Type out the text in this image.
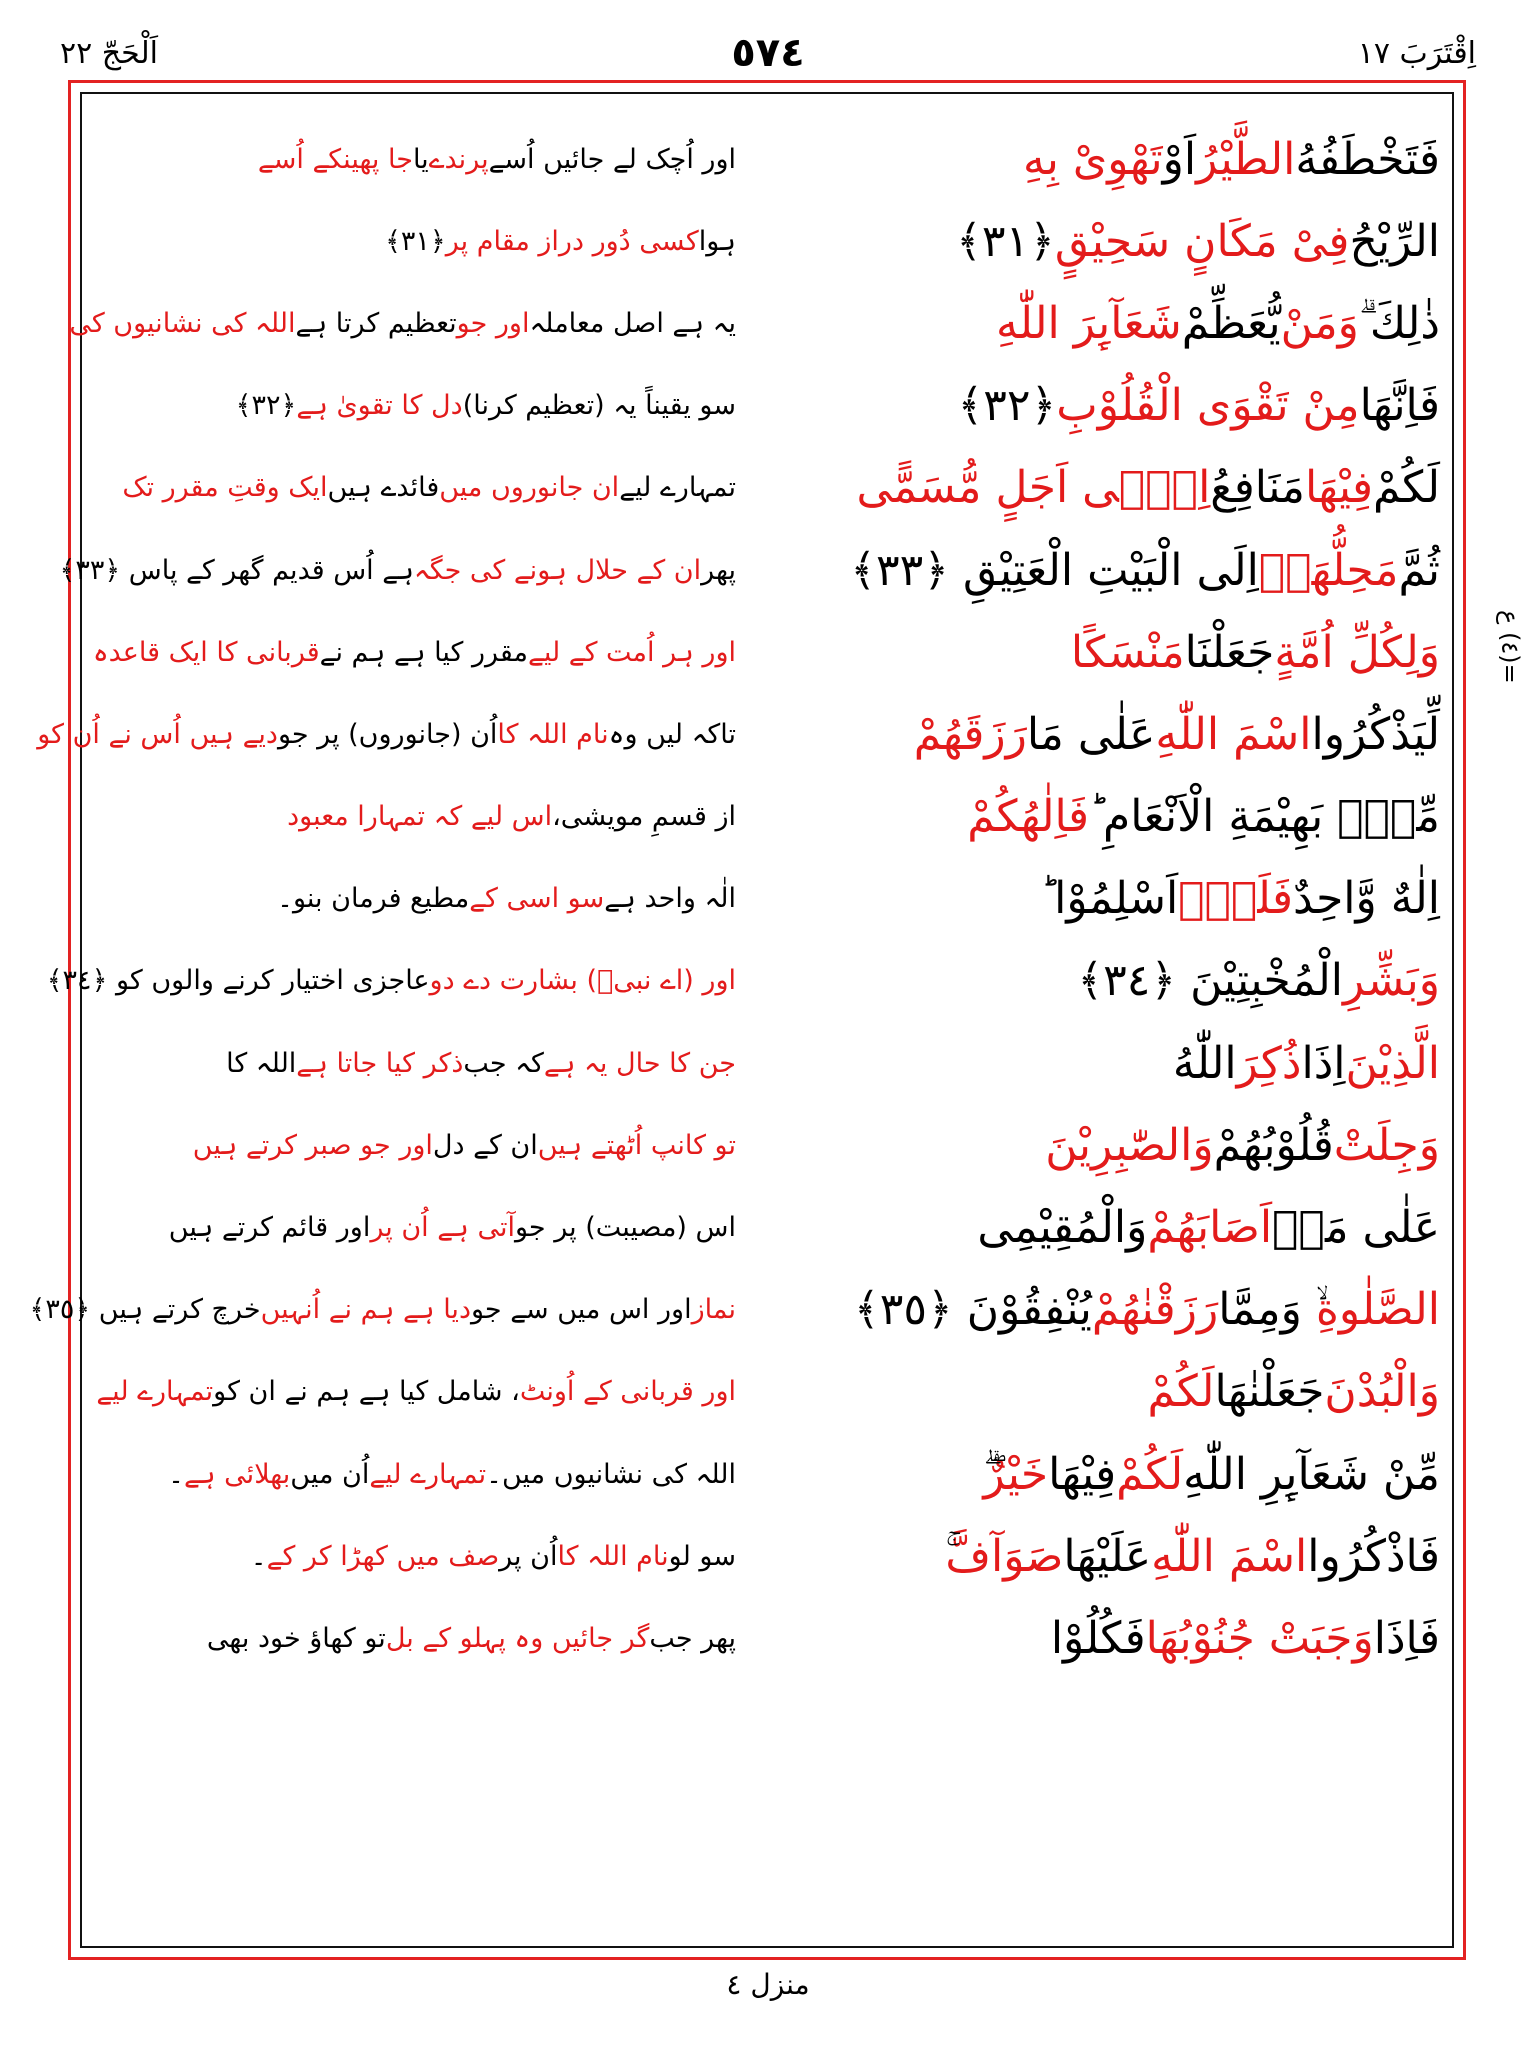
اِقْتَرَبَ ١٧
٥٧٤
اَلْحَجّ ٢٢
=(٤) ع
فَتَخْطَفُهُ
الطَّيْرُ
اَوْ
تَهْوِیْ بِهِ
الرِّیْحُ
فِیْ مَكَانٍ سَحِیْقٍ
﴿٣١﴾
ذٰلِكَ ۗ
وَمَنْ
یُّعَظِّمْ
شَعَآىِٕرَ اللّٰهِ
فَاِنَّهَا
مِنْ تَقْوَى الْقُلُوْبِ
﴿٣٢﴾
لَكُمْ
فِیْهَا
مَنَافِعُ
اِلٰۤى اَجَلٍ مُّسَمًّى
ثُمَّ
مَحِلُّهَاۤ
اِلَى الْبَیْتِ الْعَتِیْقِ ﴿٣٣﴾
وَلِكُلِّ اُمَّةٍ
جَعَلْنَا
مَنْسَكًا
لِّیَذْكُرُوا
اسْمَ اللّٰهِ
عَلٰى مَا
رَزَقَهُمْ
مِّنْۢ بَهِیْمَةِ الْاَنْعَامِ ؕ
فَاِلٰهُكُمْ
اِلٰهٌ وَّاحِدٌ
فَلَهٗۤ
اَسْلِمُوْا ؕ
وَبَشِّرِ
الْمُخْبِتِیْنَ ﴿٣٤﴾
الَّذِیْنَ
اِذَا
ذُكِرَ
اللّٰهُ
وَجِلَتْ
قُلُوْبُهُمْ
وَالصّٰبِرِیْنَ
عَلٰى مَاۤ
اَصَابَهُمْ
وَالْمُقِیْمِی
الصَّلٰوةِ
ۙ وَمِمَّا
رَزَقْنٰهُمْ
یُنْفِقُوْنَ ﴿٣٥﴾
وَالْبُدْنَ
جَعَلْنٰهَا
لَكُمْ
مِّنْ شَعَآىِٕرِ اللّٰهِ
لَكُمْ
فِیْهَا
خَیْرٌ
فَاذْكُرُوا
اسْمَ اللّٰهِ
عَلَیْهَا
صَوَآفَّ
فَاِذَا
وَجَبَتْ جُنُوْبُهَا
فَكُلُوْا
اور اُچک لے جائیں اُسے
پرندے
یا
جا پھینکے اُسے
ہوا
کسی دُور دراز مقام پر
﴿٣١﴾
یہ ہے اصل معاملہ
اور جو
تعظیم کرتا ہے
اللہ کی نشانیوں کی
سو یقیناً یہ (تعظیم کرنا)
دل کا تقویٰ ہے
﴿٣٢﴾
تمہارے لیے
ان جانوروں میں
فائدے ہیں
ایک وقتِ مقرر تک
پھر
ان کے حلال ہونے کی جگہ
ہے اُس قدیم گھر کے پاس ﴿٣٣﴾
اور ہر اُمت کے لیے
مقرر کیا ہے ہم نے
قربانی کا ایک قاعدہ
تاکہ لیں وہ
نام اللہ کا
اُن (جانوروں) پر جو
دیے ہیں اُس نے اُن کو
از قسمِ مویشی،
اس لیے کہ تمہارا معبود
الٰہ واحد ہے
سو اسی کے
مطیع فرمان بنو۔
اور (اے نبیؐ) بشارت دے دو
عاجزی اختیار کرنے والوں کو ﴿٣٤﴾
جن کا حال یہ ہے
کہ جب
ذکر کیا جاتا ہے
اللہ کا
تو کانپ اُٹھتے ہیں
ان کے دل
اور جو صبر کرتے ہیں
اس (مصیبت) پر جو
آتی ہے اُن پر
اور قائم کرتے ہیں
نماز
اور اس میں سے جو
دیا ہے ہم نے اُنہیں
خرچ کرتے ہیں ﴿٣٥﴾
اور قربانی کے اُونٹ
، شامل کیا ہے ہم نے ان کو
تمہارے لیے
اللہ کی نشانیوں میں۔
تمہارے لیے
اُن میں
بھلائی ہے
۔
سو لو
نام اللہ کا
اُن پر
صف میں کھڑا کر کے
۔
پھر جب
گر جائیں وہ پہلو کے بل
تو کھاؤ خود بھی
منزل ٤
